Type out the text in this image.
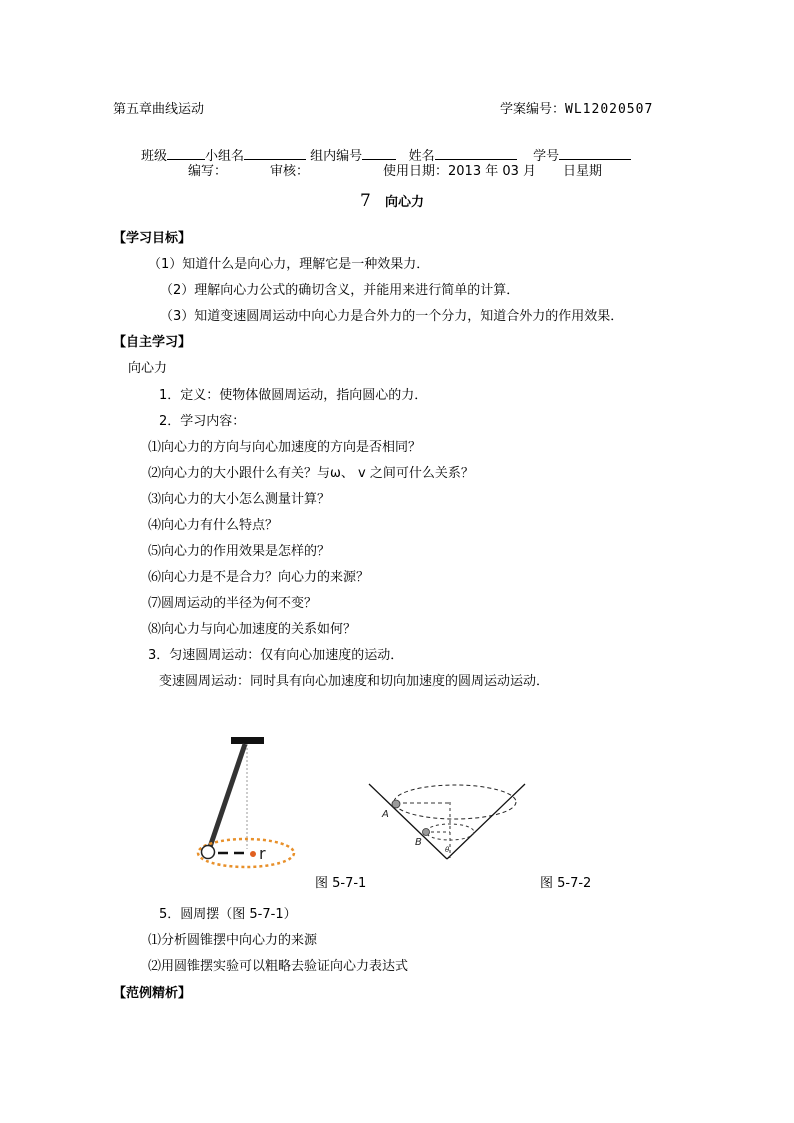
第五章曲线运动	学案编号：WL12020507
班级	小组名	组内编号	姓名	学号
编写：	审核：	使用日期：2013 年 03 月 日星期
7 向心力
【学习目标】
（1）知道什么是向心力，理解它是一种效果力．
（2）理解向心力公式的确切含义，并能用来进行简单的计算．
（3）知道变速圆周运动中向心力是合外力的一个分力，知道合外力的作用效果．
【自主学习】
向心力
1．定义：使物体做圆周运动，指向圆心的力．
2．学习内容：
⑴向心力的方向与向心加速度的方向是否相同？
⑵向心力的大小跟什么有关？与ω、 v 之间可什么关系？
⑶向心力的大小怎么测量计算？
⑷向心力有什么特点？
⑸向心力的作用效果是怎样的？
⑹向心力是不是合力？向心力的来源？
⑺圆周运动的半径为何不变？
⑻向心力与向心加速度的关系如何？
3．匀速圆周运动：仅有向心加速度的运动．
变速圆周运动：同时具有向心加速度和切向加速度的圆周运动运动．
r
图 5-7-1
A
B
θ
图 5-7-2
5．圆周摆（图 5-7-1）
⑴分析圆锥摆中向心力的来源
⑵用圆锥摆实验可以粗略去验证向心力表达式
【范例精析】
